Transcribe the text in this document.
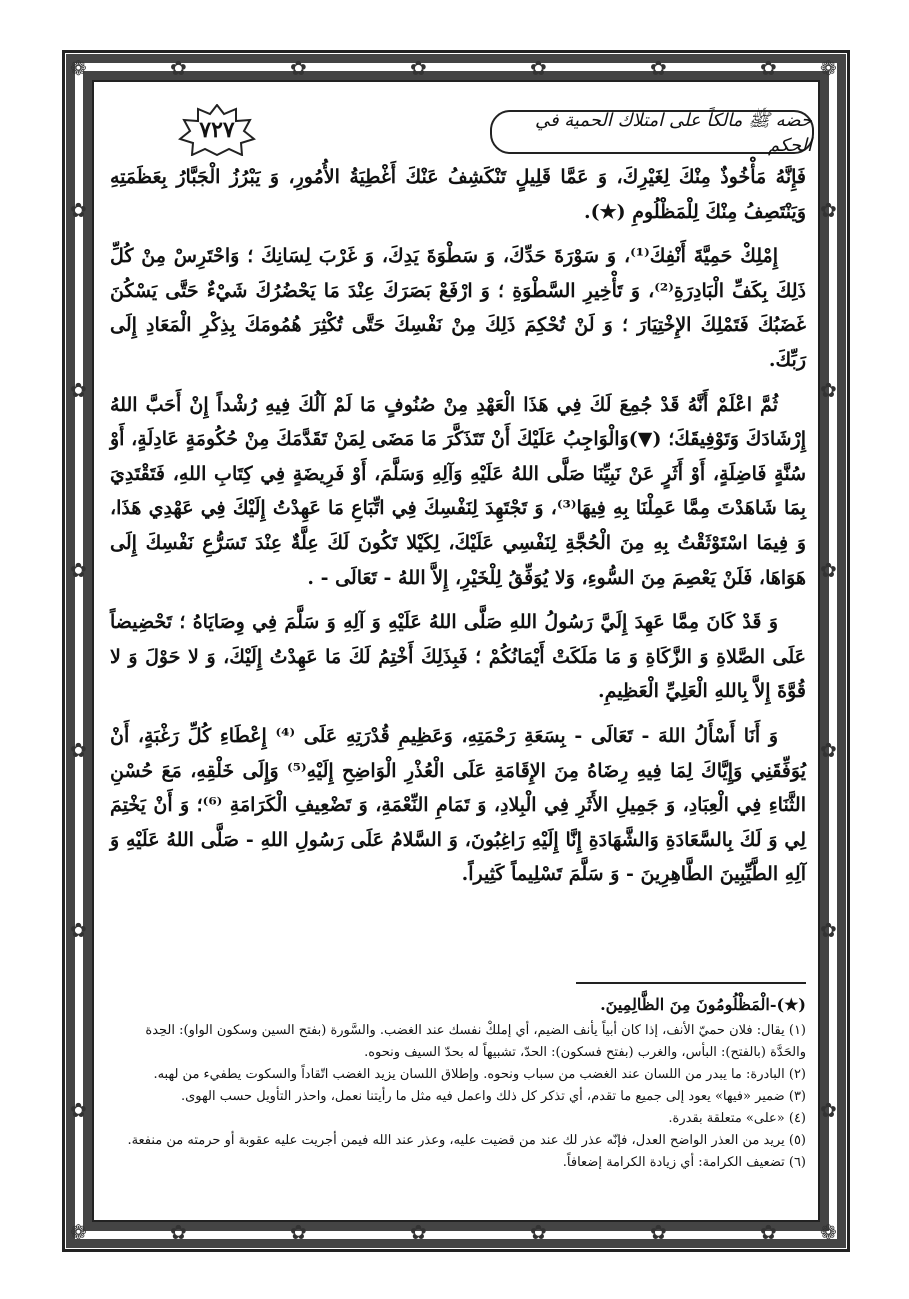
❁	❁
❁	❁
✿	✿	✿	✿	✿	✿
✿	✿	✿	✿	✿	✿
✿
✿
✿
✿
✿
✿
✿
✿
✿
✿
✿
✿
حضه ﷺ مالكاً على امتلاك الحمية في الحكم
٧٢٧

فَإِنَّهُ مَأْخُوذٌ مِنْكَ لِغَيْرِكَ، وَ عَمَّا قَلِيلٍ تَنْكَشِفُ عَنْكَ أَغْطِيَةُ الأُمُورِ، وَ يَبْرُزُ الْجَبَّارُ بِعَظَمَتِهِ وَيَنْتَصِفُ مِنْكَ لِلْمَظْلُومِ (★).

إِمْلِكْ حَمِيَّةَ أَنْفِكَ⁽¹⁾، وَ سَوْرَةَ حَدِّكَ، وَ سَطْوَةَ يَدِكَ، وَ غَرْبَ لِسَانِكَ ؛ وَاحْتَرِسْ مِنْ كُلِّ ذَلِكَ بِكَفِّ الْبَادِرَةِ⁽²⁾، وَ تَأْخِيرِ السَّطْوَةِ ؛ وَ ارْفَعْ بَصَرَكَ عِنْدَ مَا يَحْضُرُكَ شَيْءٌ حَتَّى يَسْكُنَ غَضَبُكَ فَتَمْلِكَ الإِخْتِيَارَ ؛ وَ لَنْ تُحْكِمَ ذَلِكَ مِنْ نَفْسِكَ حَتَّى تُكْثِرَ هُمُومَكَ بِذِكْرِ الْمَعَادِ إِلَى رَبِّكَ.

ثُمَّ اعْلَمْ أَنَّهُ قَدْ جُمِعَ لَكَ فِي هَذَا الْعَهْدِ مِنْ صُنُوفٍ مَا لَمْ آلُكَ فِيهِ رُشْداً إِنْ أَحَبَّ اللهُ إِرْشَادَكَ وَتَوْفِيقَكَ؛ (▼)وَالْوَاجِبُ عَلَيْكَ أَنْ تَتَذَكَّرَ مَا مَضَى لِمَنْ تَقَدَّمَكَ مِنْ حُكُومَةٍ عَادِلَةٍ، أَوْ سُنَّةٍ فَاضِلَةٍ، أَوْ أَثَرٍ عَنْ نَبِيِّنَا صَلَّى اللهُ عَلَيْهِ وَآلِهِ وَسَلَّمَ، أَوْ فَرِيضَةٍ فِي كِتَابِ اللهِ، فَتَقْتَدِيَ بِمَا شَاهَدْتَ مِمَّا عَمِلْنَا بِهِ فِيهَا⁽³⁾، وَ تَجْتَهِدَ لِنَفْسِكَ فِي اتِّبَاعِ مَا عَهِدْتُ إِلَيْكَ فِي عَهْدِي هَذَا، وَ فِيمَا اسْتَوْثَقْتُ بِهِ مِنَ الْحُجَّةِ لِنَفْسِي عَلَيْكَ، لِكَيْلا تَكُونَ لَكَ عِلَّةٌ عِنْدَ تَسَرُّعِ نَفْسِكَ إِلَى هَوَاهَا، فَلَنْ يَعْصِمَ مِنَ السُّوءِ، وَلا يُوَفِّقُ لِلْخَيْرِ، إِلاَّ اللهُ - تَعَالَى - .

وَ قَدْ كَانَ مِمَّا عَهِدَ إِلَيَّ رَسُولُ اللهِ صَلَّى اللهُ عَلَيْهِ وَ آلِهِ وَ سَلَّمَ فِي وِصَايَاهُ ؛ تَحْضِيضاً عَلَى الصَّلاةِ وَ الزَّكَاةِ وَ مَا مَلَكَتْ أَيْمَانُكُمْ ؛ فَبِذَلِكَ أَخْتِمُ لَكَ مَا عَهِدْتُ إِلَيْكَ، وَ لا حَوْلَ وَ لا قُوَّةَ إِلاَّ بِاللهِ الْعَلِيِّ الْعَظِيمِ.

وَ أَنَا أَسْأَلُ اللهَ - تَعَالَى - بِسَعَةِ رَحْمَتِهِ، وَعَظِيمِ قُدْرَتِهِ عَلَى ⁽⁴⁾ إِعْطَاءِ كُلِّ رَغْبَةٍ، أَنْ يُوَفِّقَنِي وَإِيَّاكَ لِمَا فِيهِ رِضَاهُ مِنَ الإِقَامَةِ عَلَى الْعُذْرِ الْوَاضِحِ إِلَيْهِ⁽⁵⁾ وَإِلَى خَلْقِهِ، مَعَ حُسْنِ الثَّنَاءِ فِي الْعِبَادِ، وَ جَمِيلِ الأَثَرِ فِي الْبِلادِ، وَ تَمَامِ النِّعْمَةِ، وَ تَضْعِيفِ الْكَرَامَةِ ⁽⁶⁾؛ وَ أَنْ يَخْتِمَ لِي وَ لَكَ بِالسَّعَادَةِ وَالشَّهَادَةِ إِنَّا إِلَيْهِ رَاغِبُونَ، وَ السَّلامُ عَلَى رَسُولِ اللهِ - صَلَّى اللهُ عَلَيْهِ وَ آلِهِ الطَّيِّبِينَ الطَّاهِرِينَ - وَ سَلَّمَ تَسْلِيماً كَثِيراً.

(★)-الْمَظْلُومُونَ مِنَ الظَّالِمِينَ.

(١) يقال: فلان حميّ الأنف، إذا كان أبياً يأنف الضيم، أي إملكْ نفسك عند الغضب. والسَّورة (بفتح السين وسكون الواو): الحِدة والحَدَّة (بالفتح): البأس، والغرب (بفتح فسكون): الحدّ، تشبيهاً له بحدّ السيف ونحوه.

(٢) البادرة: ما يبدر من اللسان عند الغضب من سباب ونحوه. وإطلاق اللسان يزيد الغضب اتّقاداً والسكوت يطفيء من لهبه.

(٣) ضمير «فيها» يعود إلى جميع ما تقدم، أي تذكر كل ذلك واعمل فيه مثل ما رأيتنا نعمل، واحذر التأويل حسب الهوى.

(٤) «على» متعلقة بقدرة.

(٥) يريد من العذر الواضح العدل، فإنّه عذر لك عند من قضيت عليه، وعذر عند الله فيمن أجريت عليه عقوبة أو حرمته من منفعة.

(٦) تضعيف الكرامة: أي زيادة الكرامة إضعافاً.
